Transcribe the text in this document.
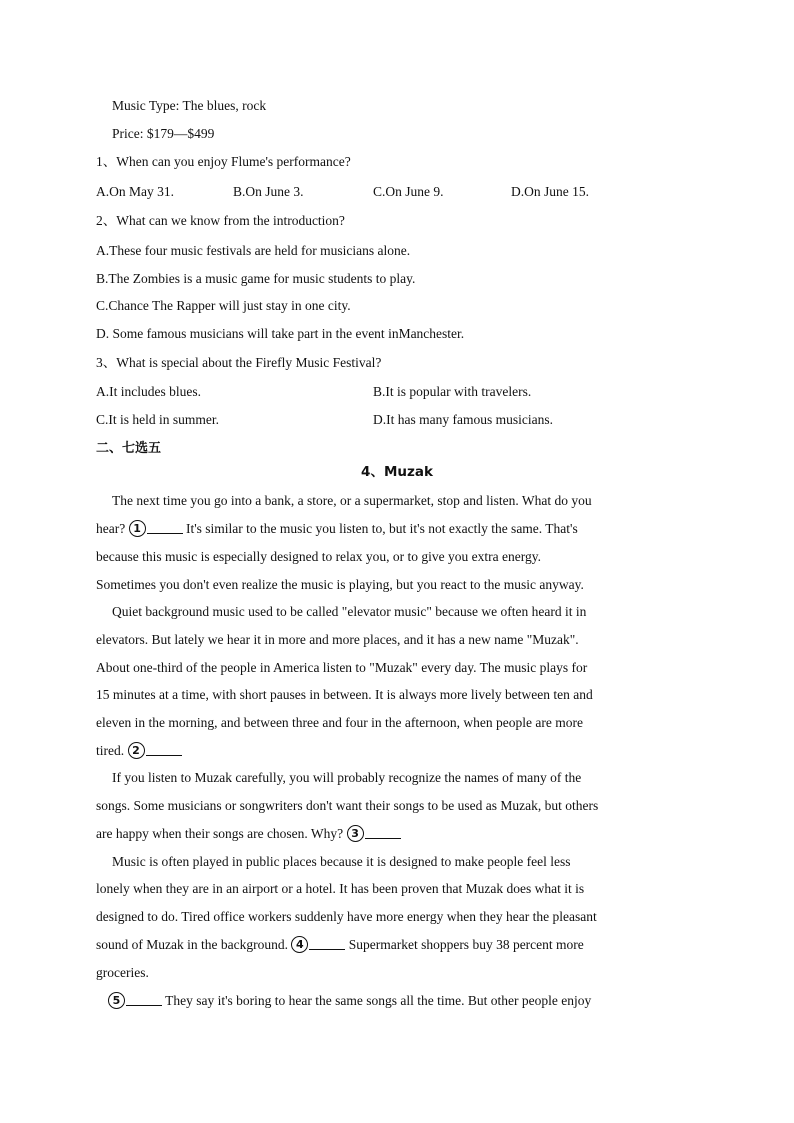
Music Type: The blues, rock
Price: $179—$499
1、When can you enjoy Flume's performance?
A.On May 31.	B.On June 3.	C.On June 9.	D.On June 15.
2、What can we know from the introduction?
A.These four music festivals are held for musicians alone.
B.The Zombies is a music game for music students to play.
C.Chance The Rapper will just stay in one city.
D. Some famous musicians will take part in the event inManchester.
3、What is special about the Firefly Music Festival?
A.It includes blues.	B.It is popular with travelers.
C.It is held in summer.	D.It has many famous musicians.
二、七选五
4、Muzak
The next time you go into a bank, a store, or a supermarket, stop and listen. What do you
hear? 1	It's similar to the music you listen to, but it's not exactly the same. That's
because this music is especially designed to relax you, or to give you extra energy.
Sometimes you don't even realize the music is playing, but you react to the music anyway.
Quiet background music used to be called "elevator music" because we often heard it in
elevators. But lately we hear it in more and more places, and it has a new name "Muzak".
About one-third of the people in America listen to "Muzak" every day. The music plays for
15 minutes at a time, with short pauses in between. It is always more lively between ten and
eleven in the morning, and between three and four in the afternoon, when people are more
tired. 2
If you listen to Muzak carefully, you will probably recognize the names of many of the
songs. Some musicians or songwriters don't want their songs to be used as Muzak, but others
are happy when their songs are chosen. Why? 3
Music is often played in public places because it is designed to make people feel less
lonely when they are in an airport or a hotel. It has been proven that Muzak does what it is
designed to do. Tired office workers suddenly have more energy when they hear the pleasant
sound of Muzak in the background. 4	Supermarket shoppers buy 38 percent more
groceries.
5	They say it's boring to hear the same songs all the time. But other people enjoy
